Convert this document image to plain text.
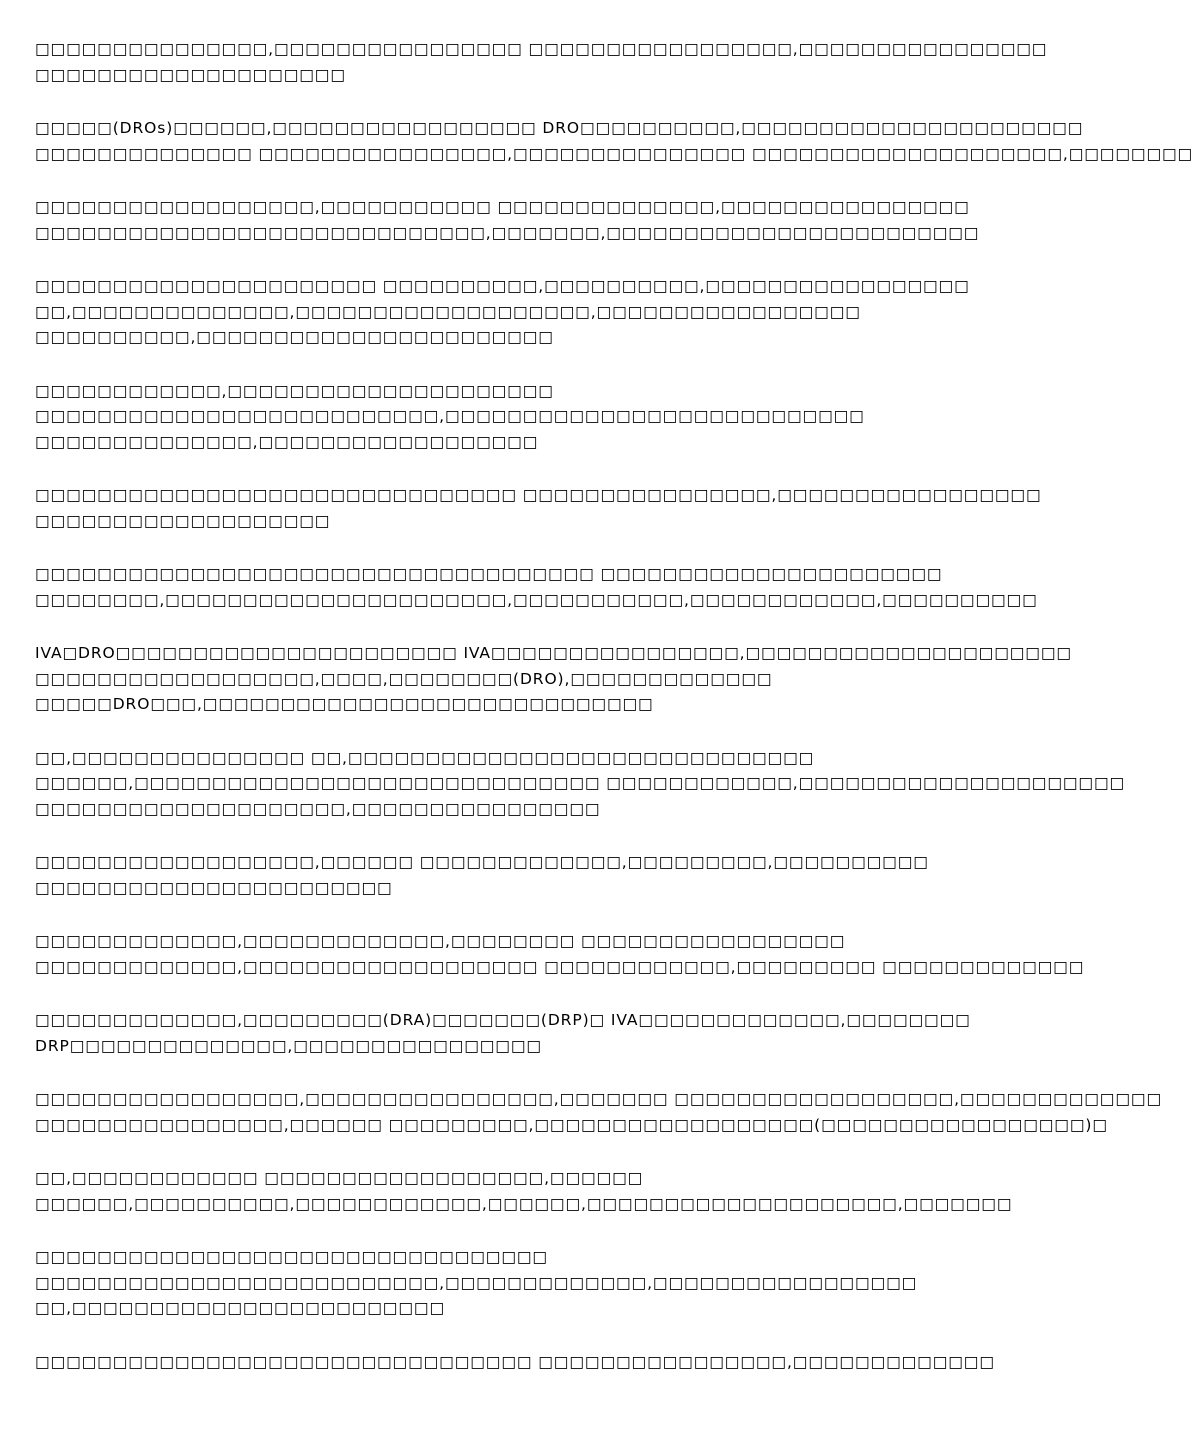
□□□□□□□□□□□□□□□,□□□□□□□□□□□□□□□□ □□□□□□□□□□□□□□□□□,□□□□□□□□□□□□□□□□
□□□□□□□□□□□□□□□□□□□□
□□□□□(DROs)□□□□□□,□□□□□□□□□□□□□□□□□ DRO□□□□□□□□□□,□□□□□□□□□□□□□□□□□□□□□□
□□□□□□□□□□□□□□ □□□□□□□□□□□□□□□□,□□□□□□□□□□□□□□□ □□□□□□□□□□□□□□□□□□□□,□□□□□□□□
□□□□□□□□□□□□□□□□□□,□□□□□□□□□□□ □□□□□□□□□□□□□□,□□□□□□□□□□□□□□□□
□□□□□□□□□□□□□□□□□□□□□□□□□□□□□,□□□□□□□,□□□□□□□□□□□□□□□□□□□□□□□□
□□□□□□□□□□□□□□□□□□□□□□ □□□□□□□□□□,□□□□□□□□□□,□□□□□□□□□□□□□□□□□
□□,□□□□□□□□□□□□□□,□□□□□□□□□□□□□□□□□□□,□□□□□□□□□□□□□□□□□
□□□□□□□□□□,□□□□□□□□□□□□□□□□□□□□□□□
□□□□□□□□□□□□,□□□□□□□□□□□□□□□□□□□□□
□□□□□□□□□□□□□□□□□□□□□□□□□□,□□□□□□□□□□□□□□□□□□□□□□□□□□□
□□□□□□□□□□□□□□,□□□□□□□□□□□□□□□□□□
□□□□□□□□□□□□□□□□□□□□□□□□□□□□□□□ □□□□□□□□□□□□□□□□,□□□□□□□□□□□□□□□□□
□□□□□□□□□□□□□□□□□□□
□□□□□□□□□□□□□□□□□□□□□□□□□□□□□□□□□□□□ □□□□□□□□□□□□□□□□□□□□□□
□□□□□□□□,□□□□□□□□□□□□□□□□□□□□□□,□□□□□□□□□□□,□□□□□□□□□□□□,□□□□□□□□□□
IVA□DRO□□□□□□□□□□□□□□□□□□□□□□ IVA□□□□□□□□□□□□□□□□,□□□□□□□□□□□□□□□□□□□□□
□□□□□□□□□□□□□□□□□□,□□□□,□□□□□□□□(DRO),□□□□□□□□□□□□□
□□□□□DRO□□□,□□□□□□□□□□□□□□□□□□□□□□□□□□□□□
□□,□□□□□□□□□□□□□□□ □□,□□□□□□□□□□□□□□□□□□□□□□□□□□□□□□
□□□□□□,□□□□□□□□□□□□□□□□□□□□□□□□□□□□□□ □□□□□□□□□□□□,□□□□□□□□□□□□□□□□□□□□□
□□□□□□□□□□□□□□□□□□□□,□□□□□□□□□□□□□□□□
□□□□□□□□□□□□□□□□□□,□□□□□□ □□□□□□□□□□□□□,□□□□□□□□□,□□□□□□□□□□
□□□□□□□□□□□□□□□□□□□□□□□
□□□□□□□□□□□□□,□□□□□□□□□□□□□,□□□□□□□□ □□□□□□□□□□□□□□□□□
□□□□□□□□□□□□□,□□□□□□□□□□□□□□□□□□□ □□□□□□□□□□□□,□□□□□□□□□ □□□□□□□□□□□□□
□□□□□□□□□□□□□,□□□□□□□□□(DRA)□□□□□□□(DRP)□ IVA□□□□□□□□□□□□□,□□□□□□□□
DRP□□□□□□□□□□□□□□,□□□□□□□□□□□□□□□□
□□□□□□□□□□□□□□□□□,□□□□□□□□□□□□□□□□,□□□□□□□ □□□□□□□□□□□□□□□□□□,□□□□□□□□□□□□□
□□□□□□□□□□□□□□□□,□□□□□□ □□□□□□□□□,□□□□□□□□□□□□□□□□□□(□□□□□□□□□□□□□□□□□)□
□□,□□□□□□□□□□□□ □□□□□□□□□□□□□□□□□□,□□□□□□
□□□□□□,□□□□□□□□□□,□□□□□□□□□□□□,□□□□□□,□□□□□□□□□□□□□□□□□□□□,□□□□□□□
□□□□□□□□□□□□□□□□□□□□□□□□□□□□□□□□□
□□□□□□□□□□□□□□□□□□□□□□□□□□,□□□□□□□□□□□□□,□□□□□□□□□□□□□□□□□
□□,□□□□□□□□□□□□□□□□□□□□□□□□
□□□□□□□□□□□□□□□□□□□□□□□□□□□□□□□□ □□□□□□□□□□□□□□□□,□□□□□□□□□□□□□
